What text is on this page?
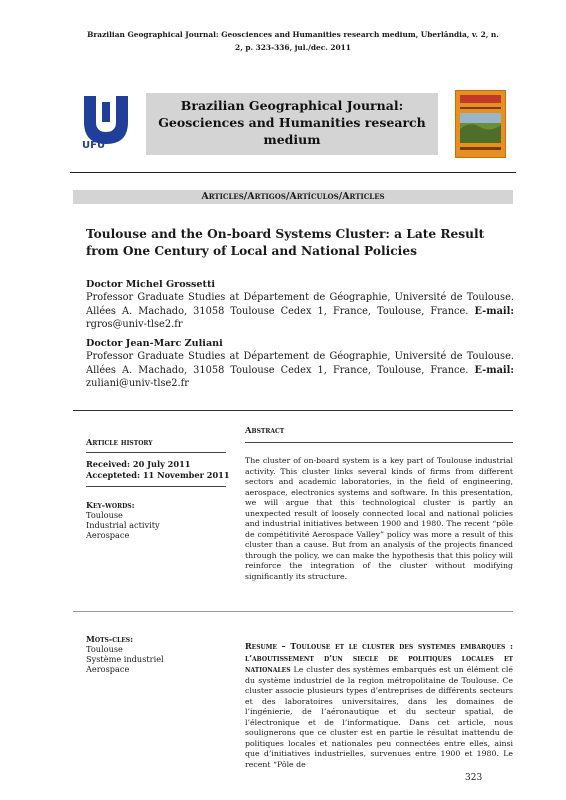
Brazilian Geographical Journal: Geosciences and Humanities research medium, Uberlândia, v. 2, n.
2, p. 323-336, jul./dec. 2011
UFU
Brazilian Geographical Journal:
Geosciences and Humanities research
medium
Articles/Artigos/Artículos/Articles
Toulouse and the On-board Systems Cluster: a Late Result from One Century of Local and National Policies
Doctor Michel Grossetti
Professor Graduate Studies at Département de Géographie, Université de Toulouse. Allées A. Machado, 31058 Toulouse Cedex 1, France, Toulouse, France. E-mail: rgros@univ-tlse2.fr
Doctor Jean-Marc Zuliani
Professor Graduate Studies at Département de Géographie, Université de Toulouse. Allées A. Machado, 31058 Toulouse Cedex 1, France, Toulouse, France. E-mail: zuliani@univ-tlse2.fr
Article history
Received: 20 July 2011
Accepteted: 11 November 2011
Key-words:
Toulouse
Industrial activity
Aerospace
Abstract
The cluster of on-board system is a key part of Toulouse industrial activity. This cluster links several kinds of firms from different sectors and academic laboratories, in the field of engineering, aerospace, electronics systems and software. In this presentation, we will argue that this technological cluster is partly an unexpected result of loosely connected local and national policies and industrial initiatives between 1900 and 1980. The recent “pôle de compétitivité Aerospace Valley” policy was more a result of this cluster than a cause. But from an analysis of the projects financed through the policy, we can make the hypothesis that this policy will reinforce the integration of the cluster without modifying significantly its structure.
Mots-cles:
Toulouse
Système industriel
Aerospace
Resume – Toulouse et le cluster des systemes embarques : l’aboutissement d’un siecle de politiques locales et nationales Le cluster des systèmes embarqués est un élément clé du système industriel de la region métropolitaine de Toulouse. Ce cluster associe plusieurs types d’entreprises de différents secteurs et des laboratoires universitaires, dans les domaines de l’ingénierie, de l’aéronautique et du secteur spatial, de l’électronique et de l’informatique. Dans cet article, nous soulignerons que ce cluster est en partie le résultat inattendu de politiques locales et nationales peu connectées entre elles, ainsi que d’initiatives industrielles, survenues entre 1900 et 1980. Le recent “Pôle de
323
